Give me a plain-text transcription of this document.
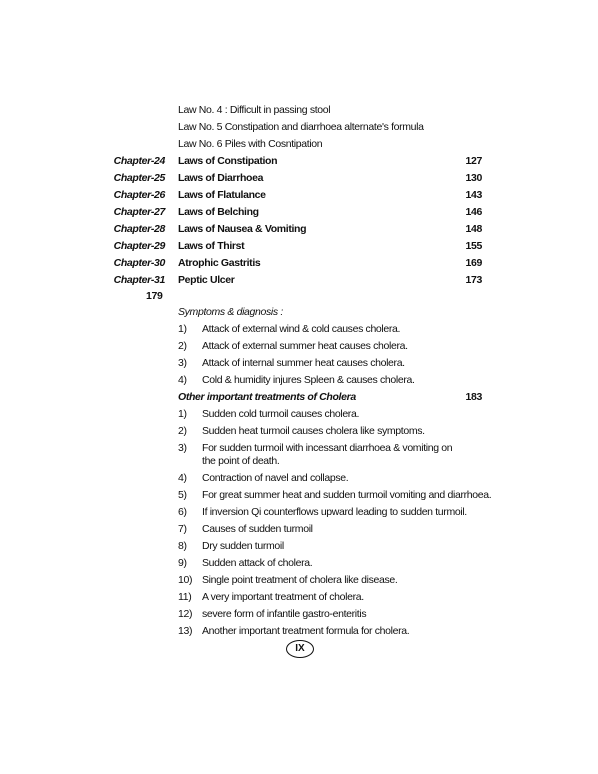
Law No. 4 : Difficult in passing stool
Law No. 5 Constipation and diarrhoea alternate's formula
Law No. 6 Piles with Cosntipation
Chapter-24 Laws of Constipation	127
Chapter-25 Laws of Diarrhoea	130
Chapter-26 Laws of Flatulance	143
Chapter-27 Laws of Belching	146
Chapter-28 Laws of Nausea & Vomiting	148
Chapter-29 Laws of Thirst	155
Chapter-30 Atrophic Gastritis	169
Chapter-31 Peptic Ulcer	173
179
Symptoms & diagnosis :
1)	Attack of external wind & cold causes cholera.
2)	Attack of external summer heat causes cholera.
3)	Attack of internal summer heat causes cholera.
4)	Cold & humidity injures Spleen & causes cholera.
Other important treatments of Cholera	183
1)	Sudden cold turmoil causes cholera.
2)	Sudden heat turmoil causes cholera like symptoms.
3)	For sudden turmoil with incessant diarrhoea & vomiting on
the point of death.
4)	Contraction of navel and collapse.
5)	For great summer heat and sudden turmoil vomiting and diarrhoea.
6)	If inversion Qi counterflows upward leading to sudden turmoil.
7)	Causes of sudden turmoil
8)	Dry sudden turmoil
9)	Sudden attack of cholera.
10) Single point treatment of cholera like disease.
11)	A very important treatment of cholera.
12) severe form of infantile gastro-enteritis
13) Another important treatment formula for cholera.
IX
